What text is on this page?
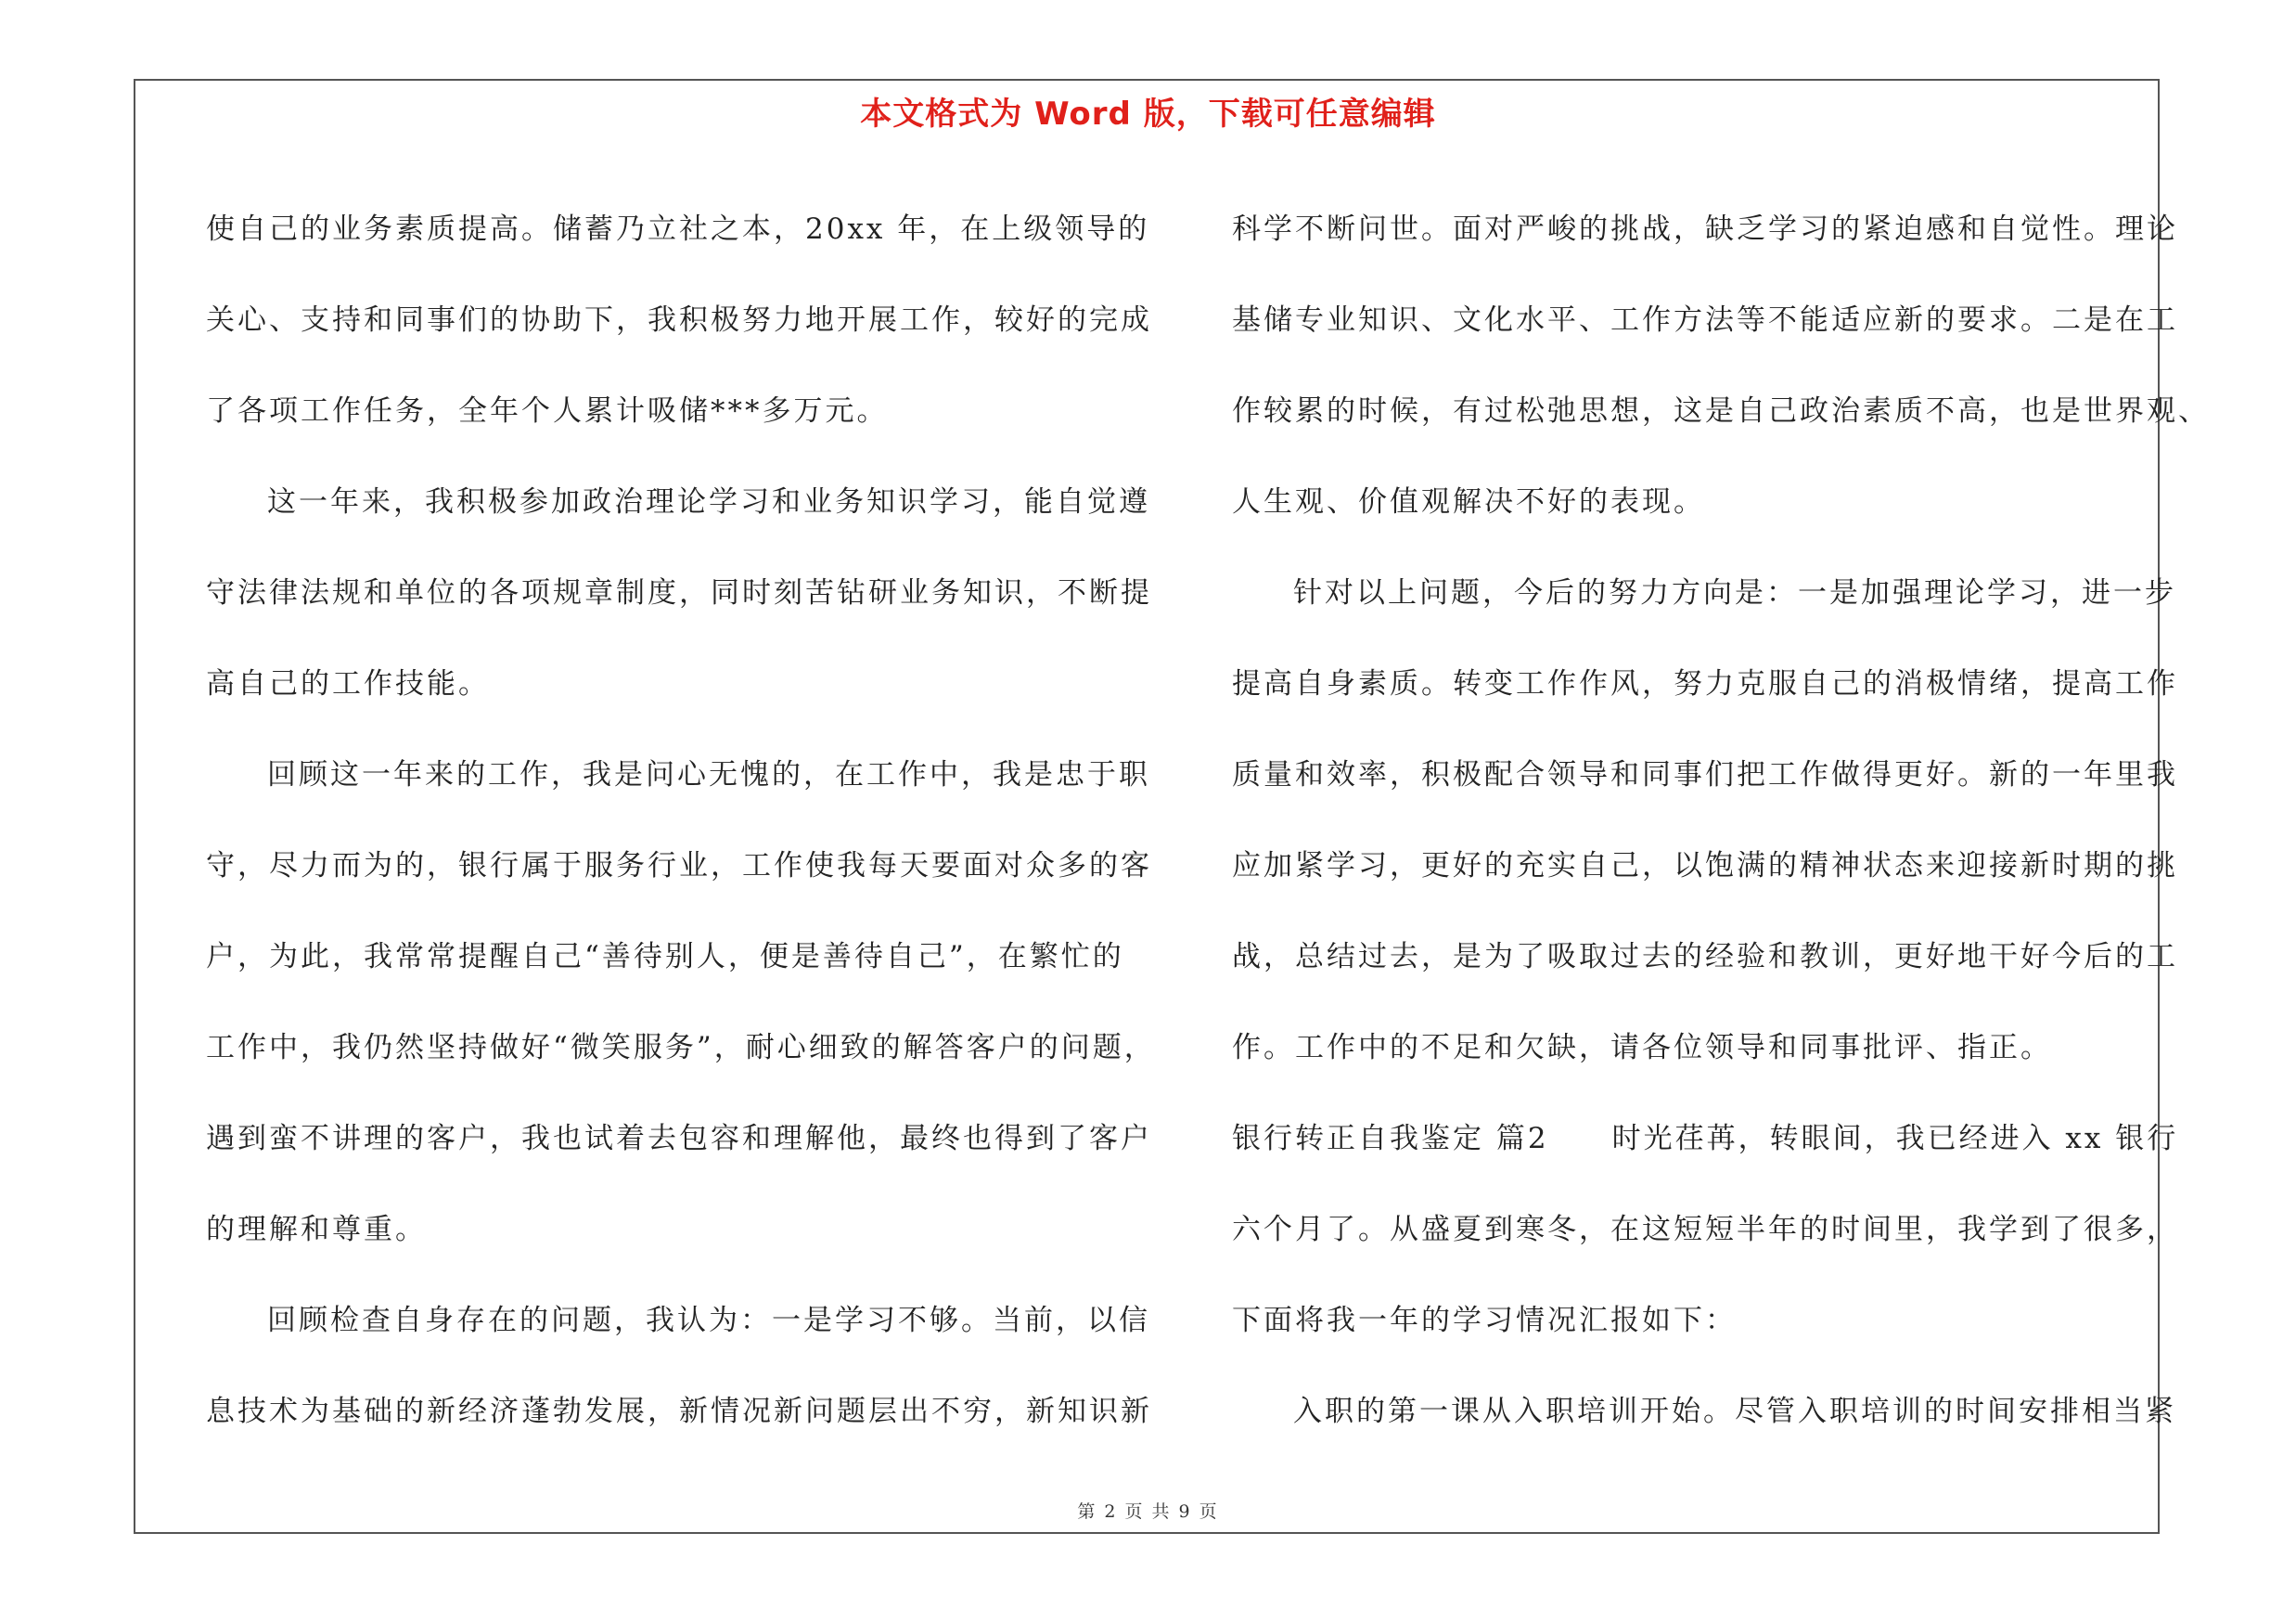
本文格式为 Word 版，下载可任意编辑
使自己的业务素质提高。储蓄乃立社之本，20xx 年，在上级领导的
关心、支持和同事们的协助下，我积极努力地开展工作，较好的完成
了各项工作任务，全年个人累计吸储***多万元。
这一年来，我积极参加政治理论学习和业务知识学习，能自觉遵
守法律法规和单位的各项规章制度，同时刻苦钻研业务知识，不断提
高自己的工作技能。
回顾这一年来的工作，我是问心无愧的，在工作中，我是忠于职
守，尽力而为的，银行属于服务行业，工作使我每天要面对众多的客
户，为此，我常常提醒自己“善待别人，便是善待自己”，在繁忙的
工作中，我仍然坚持做好“微笑服务”，耐心细致的解答客户的问题，
遇到蛮不讲理的客户，我也试着去包容和理解他，最终也得到了客户
的理解和尊重。
回顾检查自身存在的问题，我认为：一是学习不够。当前，以信
息技术为基础的新经济蓬勃发展，新情况新问题层出不穷，新知识新
科学不断问世。面对严峻的挑战，缺乏学习的紧迫感和自觉性。理论
基储专业知识、文化水平、工作方法等不能适应新的要求。二是在工
作较累的时候，有过松弛思想，这是自己政治素质不高，也是世界观、
人生观、价值观解决不好的表现。
针对以上问题，今后的努力方向是：一是加强理论学习，进一步
提高自身素质。转变工作作风，努力克服自己的消极情绪，提高工作
质量和效率，积极配合领导和同事们把工作做得更好。新的一年里我
应加紧学习，更好的充实自己，以饱满的精神状态来迎接新时期的挑
战，总结过去，是为了吸取过去的经验和教训，更好地干好今后的工
作。工作中的不足和欠缺，请各位领导和同事批评、指正。
银行转正自我鉴定 篇2　　时光荏苒，转眼间，我已经进入 xx 银行
六个月了。从盛夏到寒冬，在这短短半年的时间里，我学到了很多，
下面将我一年的学习情况汇报如下：
入职的第一课从入职培训开始。尽管入职培训的时间安排相当紧
第 2 页 共 9 页
